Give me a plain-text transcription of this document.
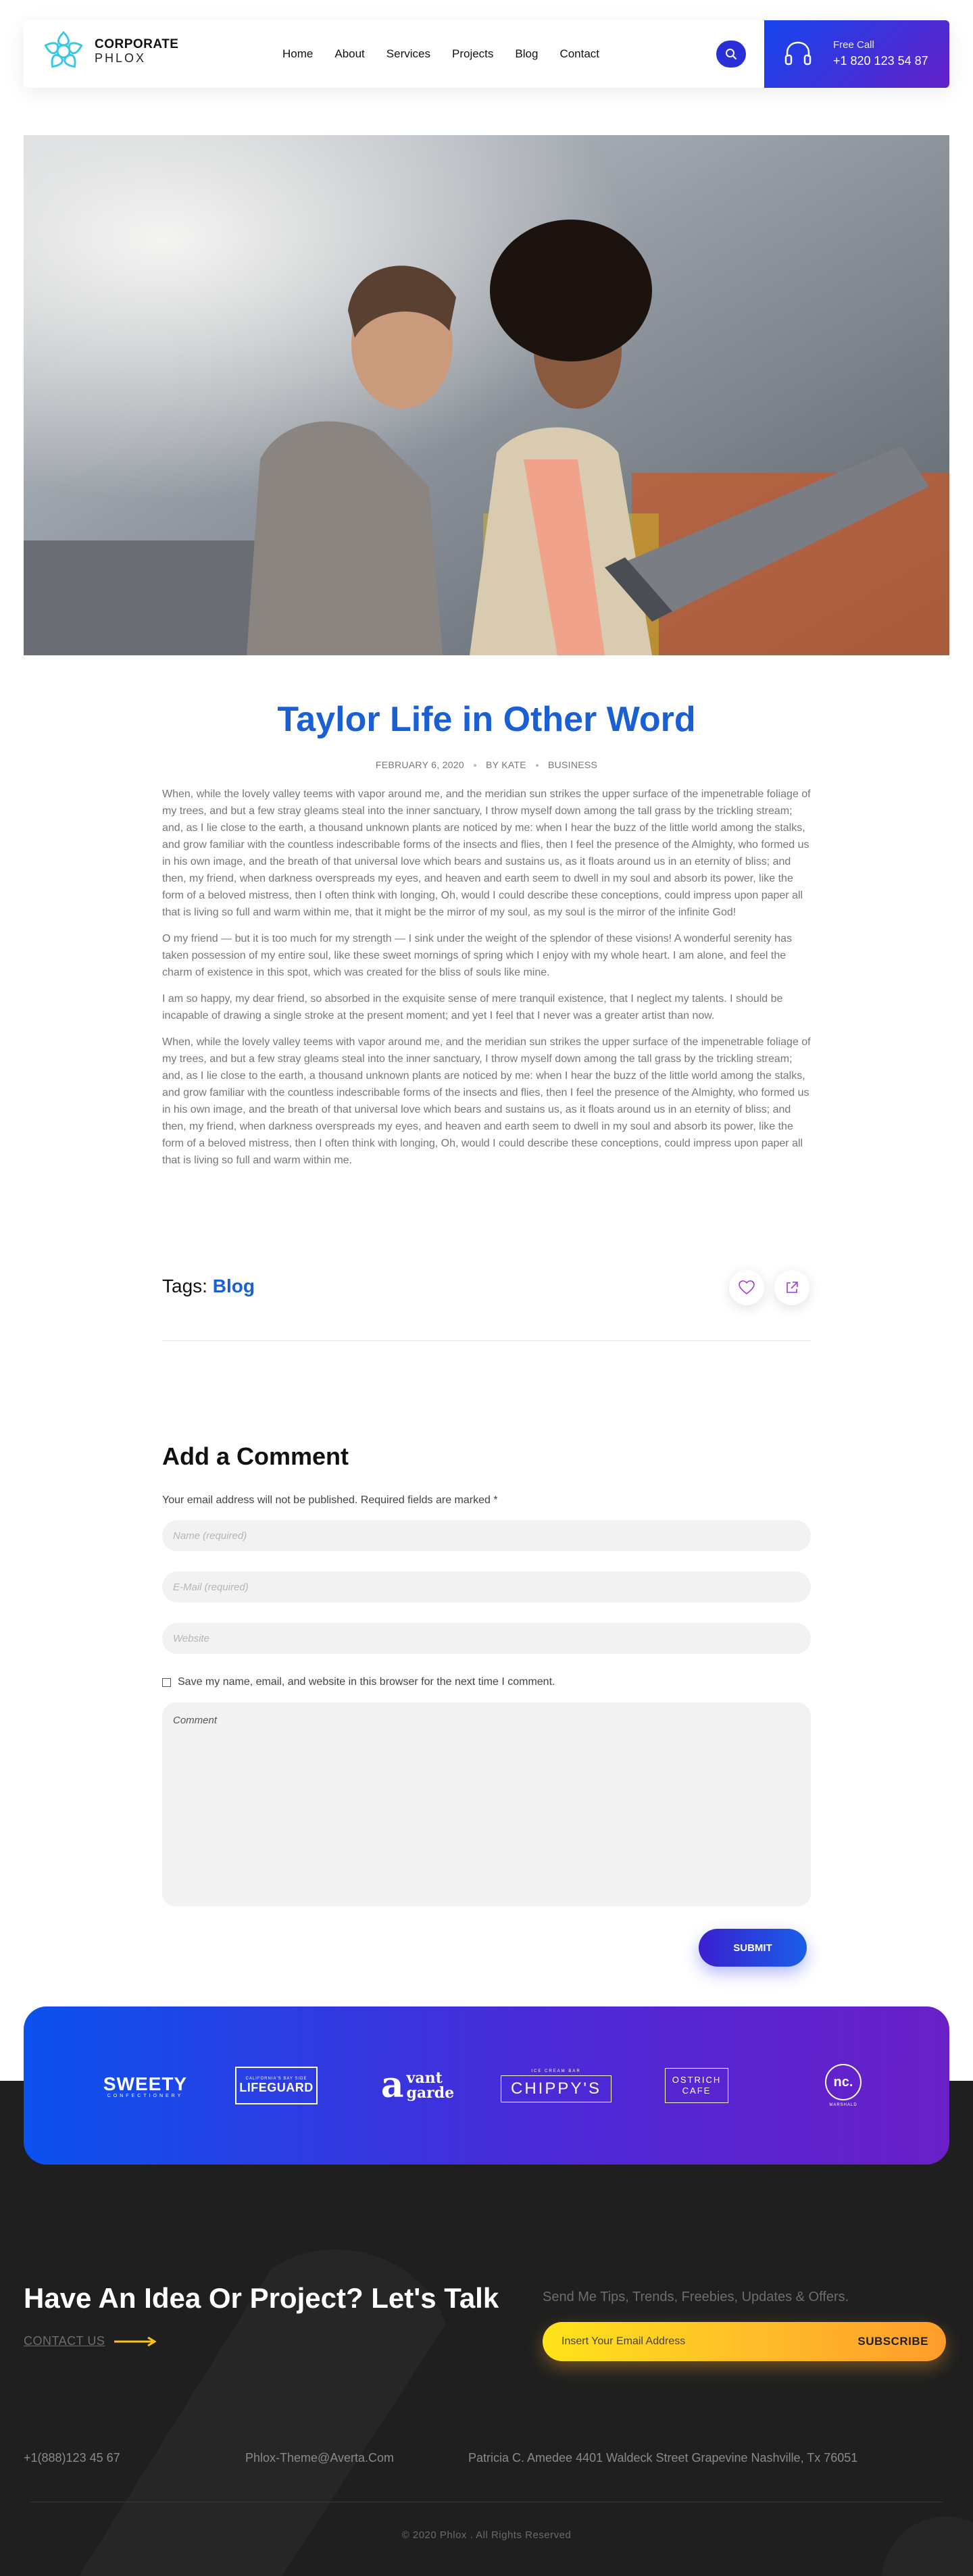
CORPORATE
PHLOX	Home About Services Projects Blog Contact
Free Call
+1 820 123 54 87
Taylor Life in Other Word
FEBRUARY 6, 2020 BY KATE BUSINESS

When, while the lovely valley teems with vapor around me, and the meridian sun strikes the upper surface of the impenetrable foliage of my trees, and but a few stray gleams steal into the inner sanctuary, I throw myself down among the tall grass by the trickling stream; and, as I lie close to the earth, a thousand unknown plants are noticed by me: when I hear the buzz of the little world among the stalks, and grow familiar with the countless indescribable forms of the insects and flies, then I feel the presence of the Almighty, who formed us in his own image, and the breath of that universal love which bears and sustains us, as it floats around us in an eternity of bliss; and then, my friend, when darkness overspreads my eyes, and heaven and earth seem to dwell in my soul and absorb its power, like the form of a beloved mistress, then I often think with longing, Oh, would I could describe these conceptions, could impress upon paper all that is living so full and warm within me, that it might be the mirror of my soul, as my soul is the mirror of the infinite God!

O my friend — but it is too much for my strength — I sink under the weight of the splendor of these visions! A wonderful serenity has taken possession of my entire soul, like these sweet mornings of spring which I enjoy with my whole heart. I am alone, and feel the charm of existence in this spot, which was created for the bliss of souls like mine.

I am so happy, my dear friend, so absorbed in the exquisite sense of mere tranquil existence, that I neglect my talents. I should be incapable of drawing a single stroke at the present moment; and yet I feel that I never was a greater artist than now.

When, while the lovely valley teems with vapor around me, and the meridian sun strikes the upper surface of the impenetrable foliage of my trees, and but a few stray gleams steal into the inner sanctuary, I throw myself down among the tall grass by the trickling stream; and, as I lie close to the earth, a thousand unknown plants are noticed by me: when I hear the buzz of the little world among the stalks, and grow familiar with the countless indescribable forms of the insects and flies, then I feel the presence of the Almighty, who formed us in his own image, and the breath of that universal love which bears and sustains us, as it floats around us in an eternity of bliss; and then, my friend, when darkness overspreads my eyes, and heaven and earth seem to dwell in my soul and absorb its power, like the form of a beloved mistress, then I often think with longing, Oh, would I could describe these conceptions, could impress upon paper all that is living so full and warm within me.

Tags: Blog
Add a Comment

Your email address will not be published. Required fields are marked *

Name (required)
E-Mail (required)
Website
Save my name, email, and website in this browser for the next time I comment.
Comment
SUBMIT
SWEETY
CONFECTIONERY
CALIFORNIA'S BAY SIDE
LIFEGUARD a vant
garde
ICE CREAM BAR
CHIPPY'S	OSTRICH
CAFE
nc.
MARSHALD
Have An Idea Or Project? Let's Talk
CONTACT US

Send Me Tips, Trends, Freebies, Updates & Offers.

Insert Your Email Address
SUBSCRIBE
+1(888)123 45 67	Phlox-Theme@Averta.Com	Patricia C. Amedee 4401 Waldeck Street Grapevine Nashville, Tx 76051
© 2020 Phlox . All Rights Reserved
